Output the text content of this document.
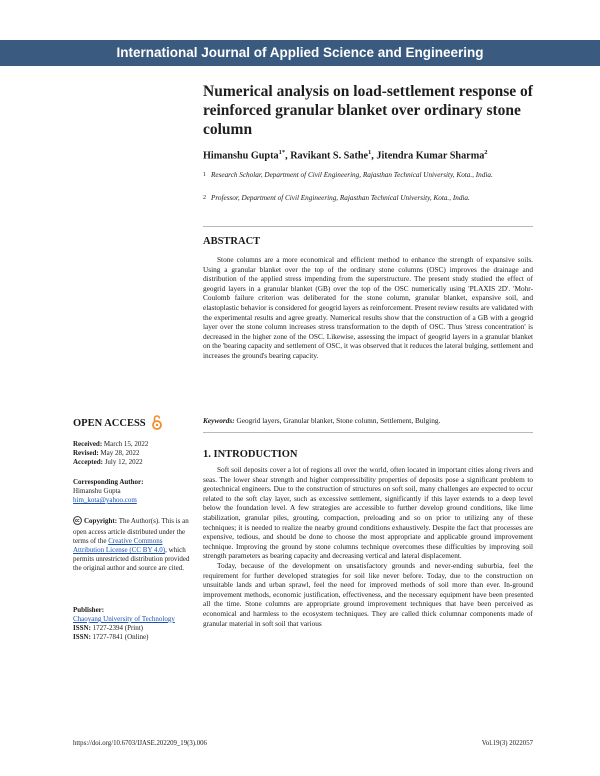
International Journal of Applied Science and Engineering
Numerical analysis on load-settlement response of reinforced granular blanket over ordinary stone column
Himanshu Gupta$^{1*}$, Ravikant S. Sathe$^1$, Jitendra Kumar Sharma$^2$
1 Research Scholar, Department of Civil Engineering, Rajasthan Technical University, Kota., India.
2 Professor, Department of Civil Engineering, Rajasthan Technical University, Kota., India.
ABSTRACT

Stone columns are a more economical and efficient method to enhance the strength of expansive soils. Using a granular blanket over the top of the ordinary stone columns (OSC) improves the drainage and distribution of the applied stress impending from the superstructure. The present study studied the effect of geogrid layers in a granular blanket (GB) over the top of the OSC numerically using 'PLAXIS 2D'. 'Mohr-Coulomb failure criterion was deliberated for the stone column, granular blanket, expansive soil, and elastoplastic behavior is considered for geogrid layers as reinforcement. Present review results are validated with the experimental results and agree greatly. Numerical results show that the construction of a GB with a geogrid layer over the stone column increases stress transformation to the depth of OSC. Thus 'stress concentration' is decreased in the higher zone of the OSC. Likewise, assessing the impact of geogrid layers in a granular blanket on the 'bearing capacity and settlement of OSC, it was observed that it reduces the lateral bulging, settlement and increases the ground's bearing capacity.

Keywords: Geogrid layers, Granular blanket, Stone column, Settlement, Bulging.
1. INTRODUCTION

Soft soil deposits cover a lot of regions all over the world, often located in important cities along rivers and seas. The lower shear strength and higher compressibility properties of deposits pose a significant problem to geotechnical engineers. Due to the construction of structures on soft soil, many challenges are expected to occur related to the soft clay layer, such as excessive settlement, significantly if this layer extends to a deep level below the foundation level. A few strategies are accessible to further develop ground conditions, like lime stabilization, granular piles, grouting, compaction, preloading and so on prior to utilizing any of these techniques; it is needed to realize the nearby ground conditions exhaustively. Despite the fact that processes are expensive, tedious, and should be done to choose the most appropriate and applicable ground improvement technique. Improving the ground by stone columns technique overcomes these difficulties by improving soil strength parameters as bearing capacity and decreasing vertical and lateral displacement.

Today, because of the development on unsatisfactory grounds and never-ending suburbia, feel the requirement for further developed strategies for soil like never before. Today, due to the construction on unsuitable lands and urban sprawl, feel the need for improved methods of soil more than ever. In-ground improvement methods, economic justification, effectiveness, and the necessary equipment have been presented all the time. Stone columns are appropriate ground improvement techniques that have been perceived as economical and harmless to the ecosystem techniques. They are called thick columnar components made of granular material in soft soil that various

OPEN ACCESS
Received: March 15, 2022
Revised: May 28, 2022
Accepted: July 12, 2022
Corresponding Author:
Himanshu Gupta
him_kota@yahoo.com
Copyright: The Author(s). This is an open access article distributed under the terms of the Creative Commons Attribution License (CC BY 4.0), which permits unrestricted distribution provided the original author and source are cited.
Publisher:
Chaoyang University of Technology
ISSN: 1727-2394 (Print)
ISSN: 1727-7841 (Online)
https://doi.org/10.6703/IJASE.202209_19(3).006	Vol.19(3) 2022057
